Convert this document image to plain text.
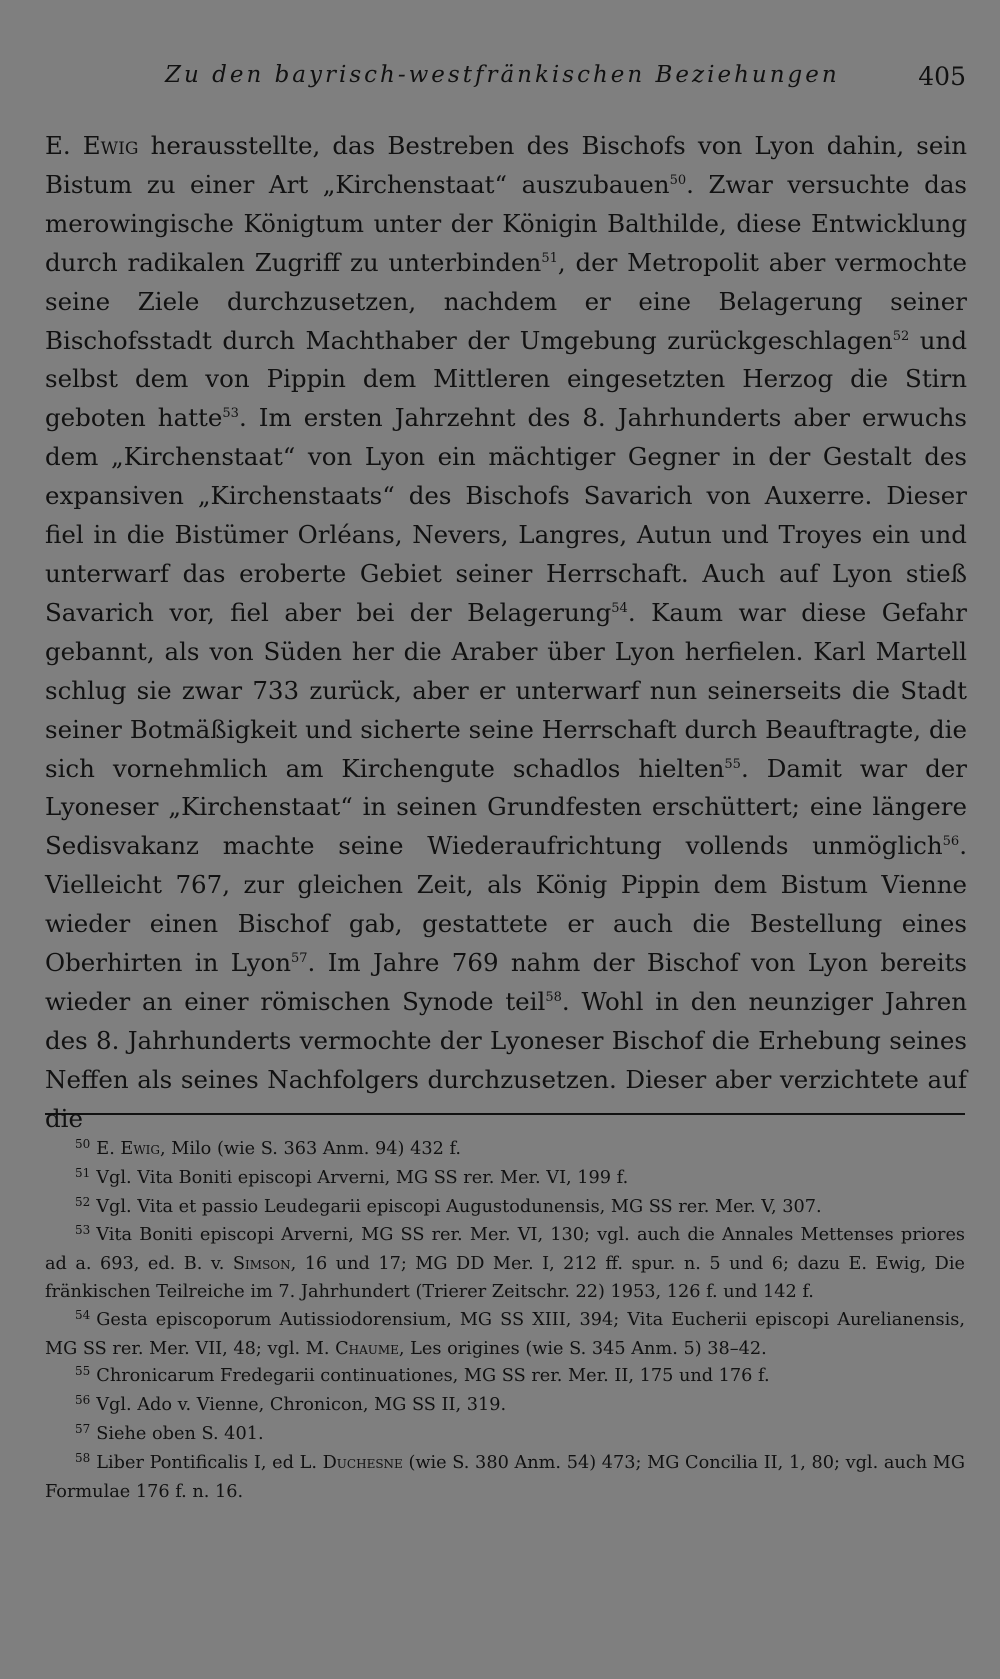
Zu den bayrisch-westfränkischen Beziehungen	405

E. Ewig herausstellte, das Bestreben des Bischofs von Lyon dahin, sein Bistum zu einer Art „Kirchenstaat“ auszubauen$^{50}$. Zwar versuchte das merowingische Königtum unter der Königin Balthilde, diese Entwicklung durch radikalen Zugriff zu unterbinden$^{51}$, der Metropolit aber vermochte seine Ziele durchzusetzen, nachdem er eine Belagerung seiner Bischofsstadt durch Machthaber der Umgebung zurückgeschlagen$^{52}$ und selbst dem von Pippin dem Mittleren eingesetzten Herzog die Stirn geboten hatte$^{53}$. Im ersten Jahrzehnt des 8. Jahrhunderts aber erwuchs dem „Kirchenstaat“ von Lyon ein mächtiger Gegner in der Gestalt des expansiven „Kirchenstaats“ des Bischofs Savarich von Auxerre. Dieser fiel in die Bistümer Orléans, Nevers, Langres, Autun und Troyes ein und unterwarf das eroberte Gebiet seiner Herrschaft. Auch auf Lyon stieß Savarich vor, fiel aber bei der Belagerung$^{54}$. Kaum war diese Gefahr gebannt, als von Süden her die Araber über Lyon herfielen. Karl Martell schlug sie zwar 733 zurück, aber er unterwarf nun seinerseits die Stadt seiner Botmäßigkeit und sicherte seine Herrschaft durch Beauftragte, die sich vornehmlich am Kirchengute schadlos hielten$^{55}$. Damit war der Lyoneser „Kirchenstaat“ in seinen Grundfesten erschüttert; eine längere Sedisvakanz machte seine Wiederaufrichtung vollends unmöglich$^{56}$. Vielleicht 767, zur gleichen Zeit, als König Pippin dem Bistum Vienne wieder einen Bischof gab, gestattete er auch die Bestellung eines Oberhirten in Lyon$^{57}$. Im Jahre 769 nahm der Bischof von Lyon bereits wieder an einer römischen Synode teil$^{58}$. Wohl in den neunziger Jahren des 8. Jahrhunderts vermochte der Lyoneser Bischof die Erhebung seines Neffen als seines Nachfolgers durchzusetzen. Dieser aber verzichtete auf die

$^{50}$ E. Ewig, Milo (wie S. 363 Anm. 94) 432 f.

$^{51}$ Vgl. Vita Boniti episcopi Arverni, MG SS rer. Mer. VI, 199 f.

$^{52}$ Vgl. Vita et passio Leudegarii episcopi Augustodunensis, MG SS rer. Mer. V, 307.

$^{53}$ Vita Boniti episcopi Arverni, MG SS rer. Mer. VI, 130; vgl. auch die Annales Mettenses priores ad a. 693, ed. B. v. Simson, 16 und 17; MG DD Mer. I, 212 ff. spur. n. 5 und 6; dazu E. Ewig, Die fränkischen Teilreiche im 7. Jahrhundert (Trierer Zeitschr. 22) 1953, 126 f. und 142 f.

$^{54}$ Gesta episcoporum Autissiodorensium, MG SS XIII, 394; Vita Eucherii episcopi Aurelianensis, MG SS rer. Mer. VII, 48; vgl. M. Chaume, Les origines (wie S. 345 Anm. 5) 38–42.

$^{55}$ Chronicarum Fredegarii continuationes, MG SS rer. Mer. II, 175 und 176 f.

$^{56}$ Vgl. Ado v. Vienne, Chronicon, MG SS II, 319.

$^{57}$ Siehe oben S. 401.

$^{58}$ Liber Pontificalis I, ed L. Duchesne (wie S. 380 Anm. 54) 473; MG Concilia II, 1, 80; vgl. auch MG Formulae 176 f. n. 16.
